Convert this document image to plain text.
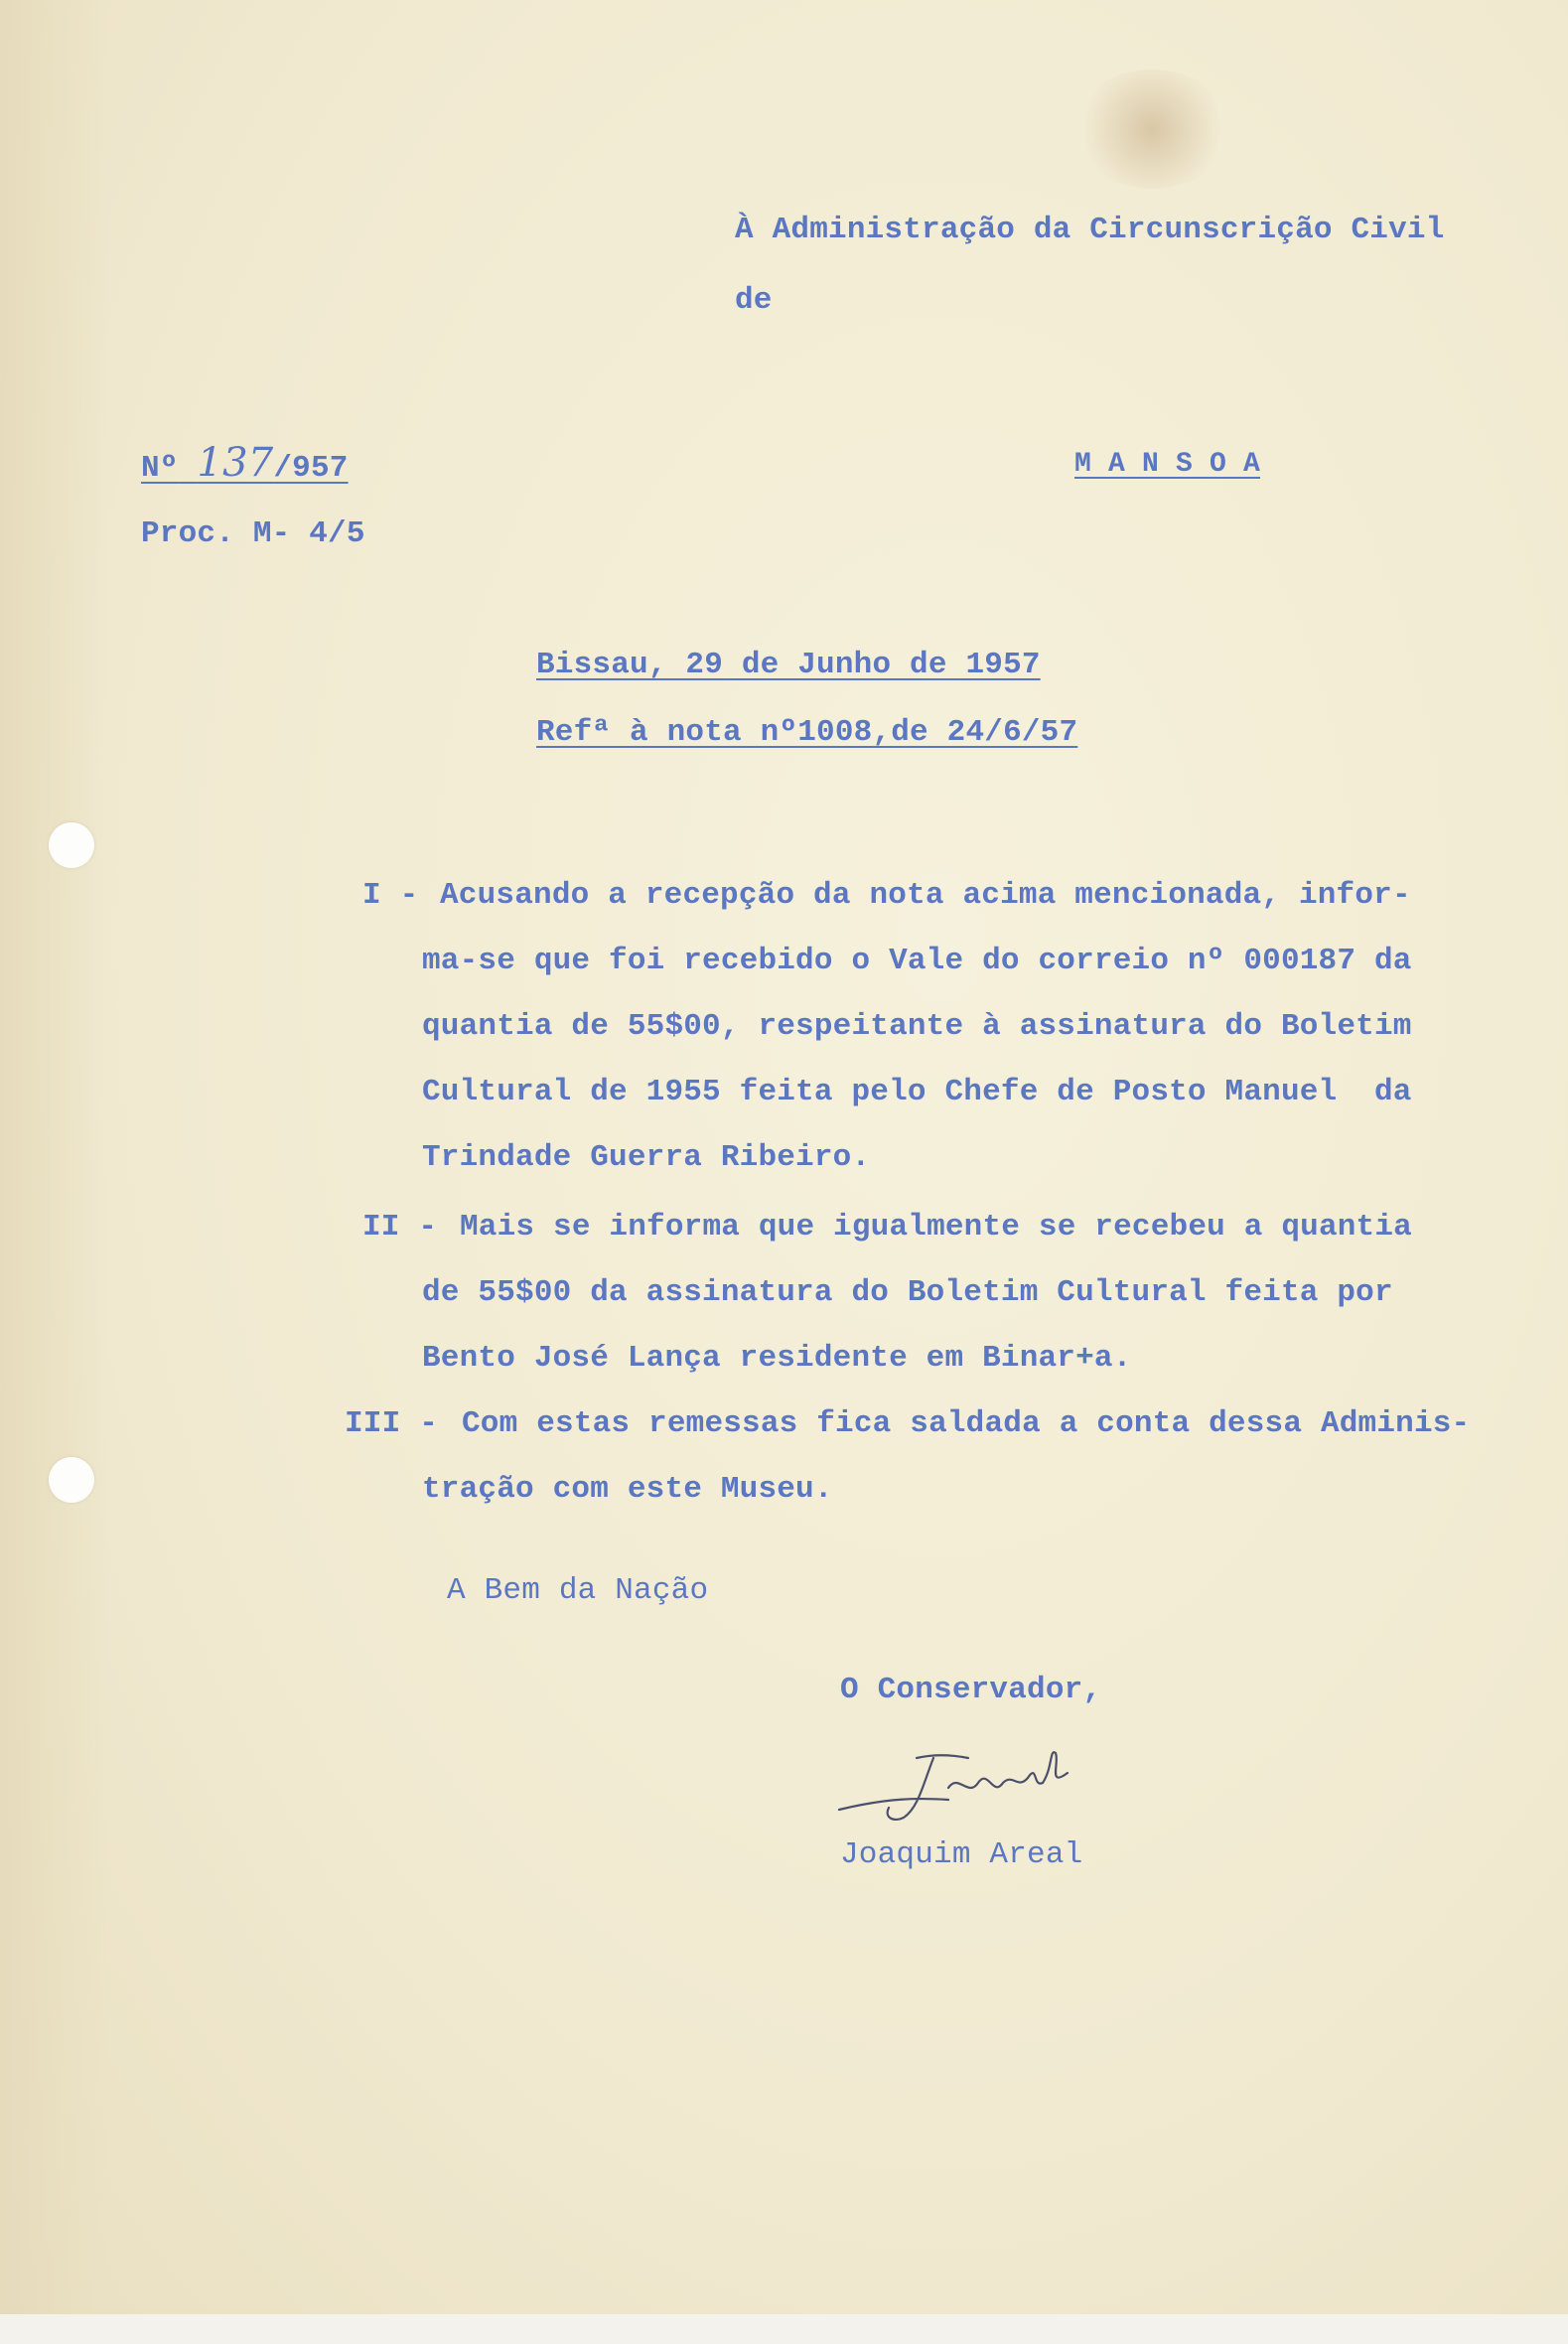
À Administração da Circunscrição Civil
de
Nº 137/957	M A N S O A
Proc. M- 4/5
Bissau, 29 de Junho de 1957
Refª à nota nº1008,de 24/6/57
I - Acusando a recepção da nota acima mencionada, infor-
ma-se que foi recebido o Vale do correio nº 000187 da
quantia de 55$00, respeitante à assinatura do Boletim
Cultural de 1955 feita pelo Chefe de Posto Manuel  da
Trindade Guerra Ribeiro.
II - Mais se informa que igualmente se recebeu a quantia
de 55$00 da assinatura do Boletim Cultural feita por
Bento José Lança residente em Binar+a.
III - Com estas remessas fica saldada a conta dessa Adminis-
tração com este Museu.
A Bem da Nação
O Conservador,
Joaquim Areal
